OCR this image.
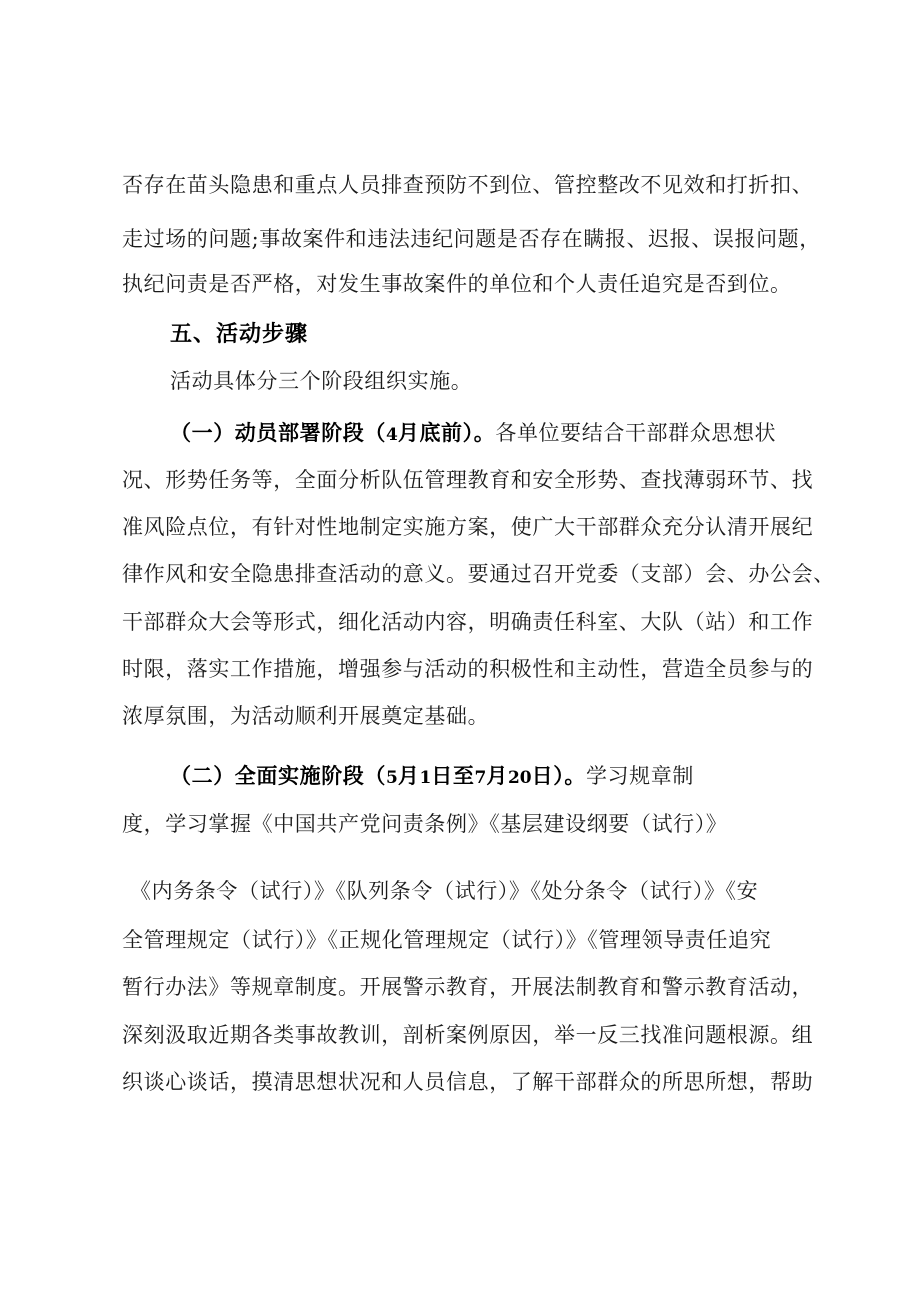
否存在苗头隐患和重点人员排查预防不到位、管控整改不见效和打折扣、
走过场的问题;事故案件和违法违纪问题是否存在瞒报、迟报、误报问题，
执纪问责是否严格，对发生事故案件的单位和个人责任追究是否到位。
五、活动步骤
活动具体分三个阶段组织实施。
（一）动员部署阶段（4月底前）。各单位要结合干部群众思想状
况、形势任务等，全面分析队伍管理教育和安全形势、查找薄弱环节、找
准风险点位，有针对性地制定实施方案，使广大干部群众充分认清开展纪
律作风和安全隐患排查活动的意义。要通过召开党委（支部）会、办公会、
干部群众大会等形式，细化活动内容，明确责任科室、大队（站）和工作
时限，落实工作措施，增强参与活动的积极性和主动性，营造全员参与的
浓厚氛围，为活动顺利开展奠定基础。
（二）全面实施阶段（5月1日至7月20日）。学习规章制
度，学习掌握《中国共产党问责条例》《基层建设纲要（试行）》
《内务条令（试行）》《队列条令（试行）》《处分条令（试行）》《安
全管理规定（试行）》《正规化管理规定（试行）》《管理领导责任追究
暂行办法》等规章制度。开展警示教育，开展法制教育和警示教育活动，
深刻汲取近期各类事故教训，剖析案例原因，举一反三找准问题根源。组
织谈心谈话，摸清思想状况和人员信息，了解干部群众的所思所想，帮助
